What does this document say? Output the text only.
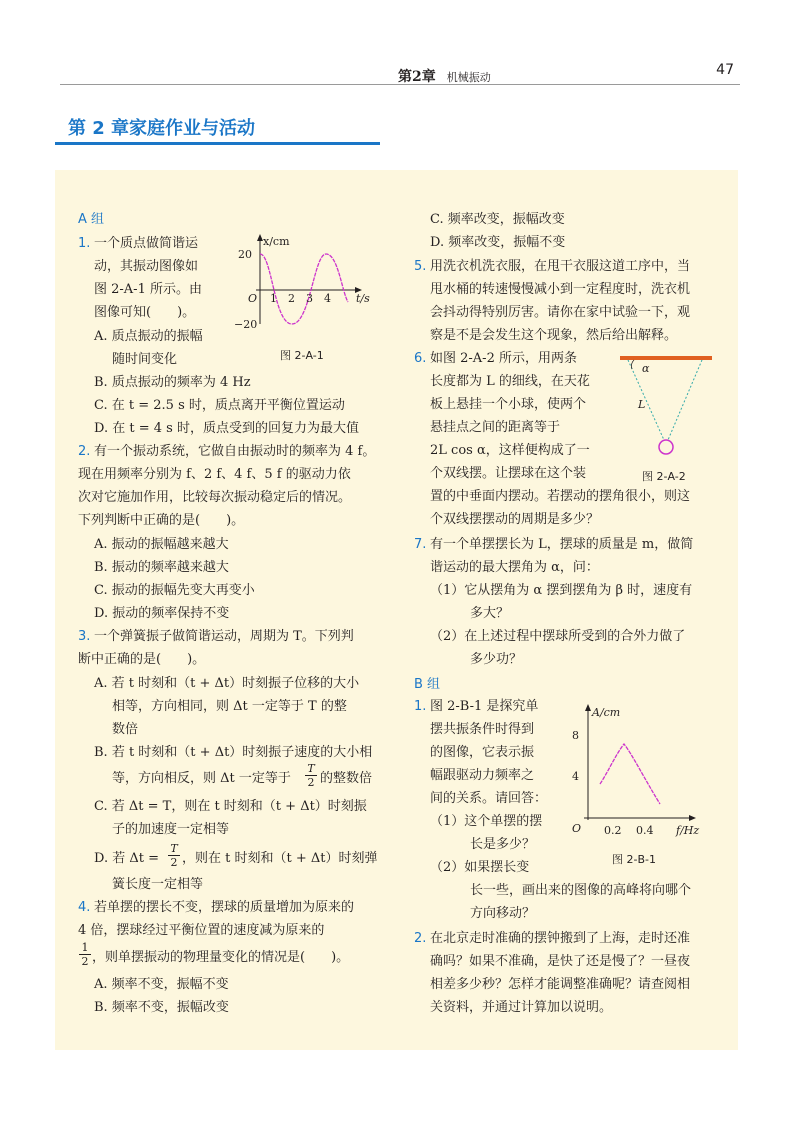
第2章　 机械振动	47
第 2 章家庭作业与活动
A 组
1. 一个质点做简谐运
动，其振动图像如
图 2-A-1 所示。由
图像可知(　　)。
A. 质点振动的振幅
随时间变化
B. 质点振动的频率为 4 Hz
C. 在 t = 2.5 s 时，质点离开平衡位置运动
D. 在 t = 4 s 时，质点受到的回复力为最大值
x/cm
20
−20
O 1 2 3 4 t/s
图 2-A-1
2. 有一个振动系统，它做自由振动时的频率为 4 f。
现在用频率分别为 f、2 f、4 f、5 f 的驱动力依
次对它施加作用，比较每次振动稳定后的情况。
下列判断中正确的是(　　)。
A. 振动的振幅越来越大
B. 振动的频率越来越大
C. 振动的振幅先变大再变小
D. 振动的频率保持不变
3. 一个弹簧振子做简谐运动，周期为 T。下列判
断中正确的是(　　)。
A. 若 t 时刻和（t + Δt）时刻振子位移的大小
相等，方向相同，则 Δt 一定等于 T 的整
数倍
B. 若 t 时刻和（t + Δt）时刻振子速度的大小相
等，方向相反，则 Δt 一定等于
T
2 的整数倍
C. 若 Δt = T，则在 t 时刻和（t + Δt）时刻振
子的加速度一定相等
D. 若 Δt =
T
2 ，则在 t 时刻和（t + Δt）时刻弹
簧长度一定相等
4. 若单摆的摆长不变，摆球的质量增加为原来的
4 倍，摆球经过平衡位置的速度减为原来的
1
2 ，则单摆振动的物理量变化的情况是(　　)。
A. 频率不变，振幅不变
B. 频率不变，振幅改变
C. 频率改变，振幅改变
D. 频率改变，振幅不变
5. 用洗衣机洗衣服，在甩干衣服这道工序中，当
甩水桶的转速慢慢减小到一定程度时，洗衣机
会抖动得特别厉害。请你在家中试验一下，观
察是不是会发生这个现象，然后给出解释。
6. 如图 2-A-2 所示，用两条
长度都为 L 的细线，在天花
板上悬挂一个小球，使两个
悬挂点之间的距离等于
2L cos α，这样便构成了一
个双线摆。让摆球在这个装
置的中垂面内摆动。若摆动的摆角很小，则这
个双线摆摆动的周期是多少？
α
L
图 2-A-2
7. 有一个单摆摆长为 L，摆球的质量是 m，做简
谐运动的最大摆角为 α，问：
（1）它从摆角为 α 摆到摆角为 β 时，速度有
多大？
（2）在上述过程中摆球所受到的合外力做了
多少功？
B 组
1. 图 2-B-1 是探究单
摆共振条件时得到
的图像，它表示振
幅跟驱动力频率之
间的关系。请回答：
（1）这个单摆的摆
长是多少？
（2）如果摆长变
长一些，画出来的图像的高峰将向哪个
方向移动？
A/cm
8
4
O 0.2 0.4 f/Hz
图 2-B-1
2. 在北京走时准确的摆钟搬到了上海，走时还准
确吗？如果不准确，是快了还是慢了？一昼夜
相差多少秒？怎样才能调整准确呢？请查阅相
关资料，并通过计算加以说明。
